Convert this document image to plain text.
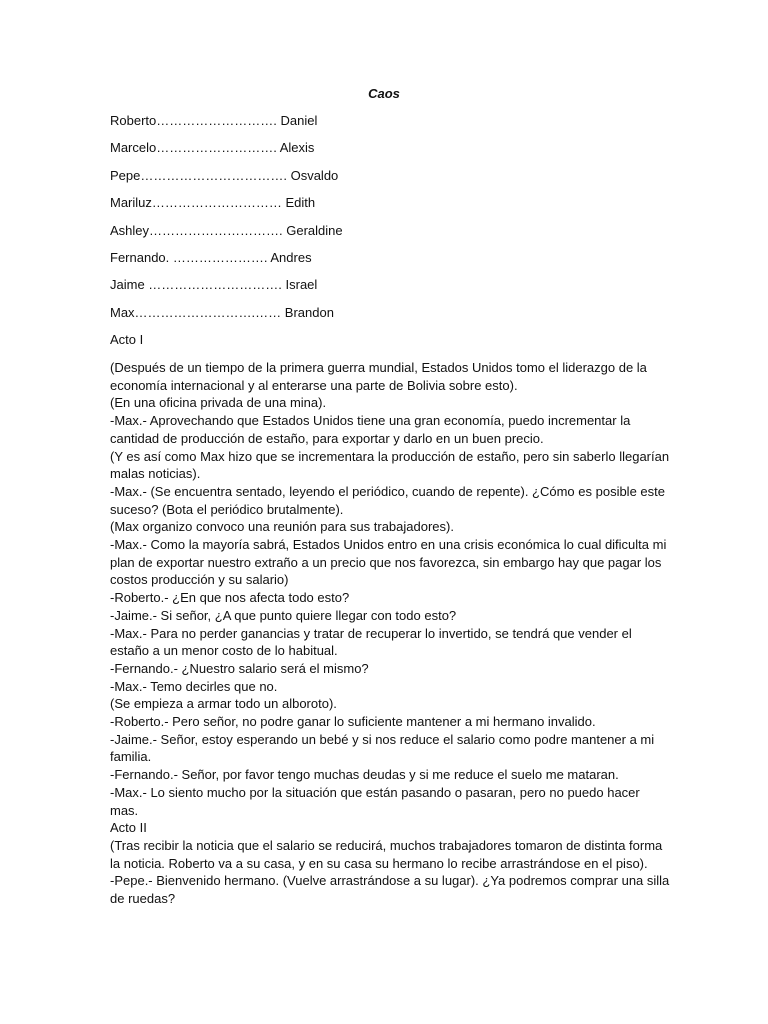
Caos
Roberto………………………. Daniel
Marcelo………………………. Alexis
Pepe……………………………. Osvaldo
Mariluz………………………… Edith
Ashley…………………………. Geraldine
Fernando. …………………. Andres
Jaime …………………………. Israel
Max……………………….…… Brandon
Acto I

(Después de un tiempo de la primera guerra mundial, Estados Unidos tomo el liderazgo de la economía internacional y al enterarse una parte de Bolivia sobre esto).

(En una oficina privada de una mina).

-Max.- Aprovechando que Estados Unidos tiene una gran economía, puedo incrementar la cantidad de producción de estaño, para exportar y darlo en un buen precio.

(Y es así como Max hizo que se incrementara la producción de estaño, pero sin saberlo llegarían malas noticias).

-Max.- (Se encuentra sentado, leyendo el periódico, cuando de repente). ¿Cómo es posible este suceso? (Bota el periódico brutalmente).

(Max organizo convoco una reunión para sus trabajadores).

-Max.- Como la mayoría sabrá, Estados Unidos entro en una crisis económica lo cual dificulta mi plan de exportar nuestro extraño a un precio que nos favorezca, sin embargo hay que pagar los costos producción y su salario)

-Roberto.- ¿En que nos afecta todo esto?

-Jaime.- Si señor, ¿A que punto quiere llegar con todo esto?

-Max.- Para no perder ganancias y tratar de recuperar lo invertido, se tendrá que vender el estaño a un menor costo de lo habitual.

-Fernando.- ¿Nuestro salario será el mismo?

-Max.- Temo decirles que no.

(Se empieza a armar todo un alboroto).

-Roberto.- Pero señor, no podre ganar lo suficiente mantener a mi hermano invalido.

-Jaime.- Señor, estoy esperando un bebé y si nos reduce el salario como podre mantener a mi familia.

-Fernando.- Señor, por favor tengo muchas deudas y si me reduce el suelo me mataran.

-Max.- Lo siento mucho por la situación que están pasando o pasaran, pero no puedo hacer mas.

Acto II

(Tras recibir la noticia que el salario se reducirá, muchos trabajadores tomaron de distinta forma la noticia. Roberto va a su casa, y en su casa su hermano lo recibe arrastrándose en el piso).

-Pepe.- Bienvenido hermano. (Vuelve arrastrándose a su lugar). ¿Ya podremos comprar una silla de ruedas?
